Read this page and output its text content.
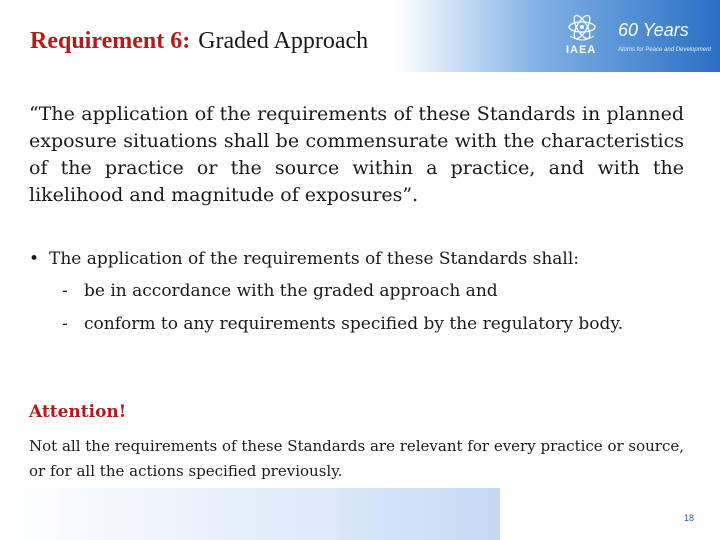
Requirement 6: Graded Approach	IAEA
60 Years
Atoms for Peace and Development
“The application of the requirements of these Standards in planned exposure situations shall be commensurate with the characteristics of the practice or the source within a practice, and with the likelihood and magnitude of exposures”.
• The application of the requirements of these Standards shall:
- be in accordance with the graded approach and
- conform to any requirements specified by the regulatory body.
Attention!
Not all the requirements of these Standards are relevant for every practice or source, or for all the actions specified previously.
18
